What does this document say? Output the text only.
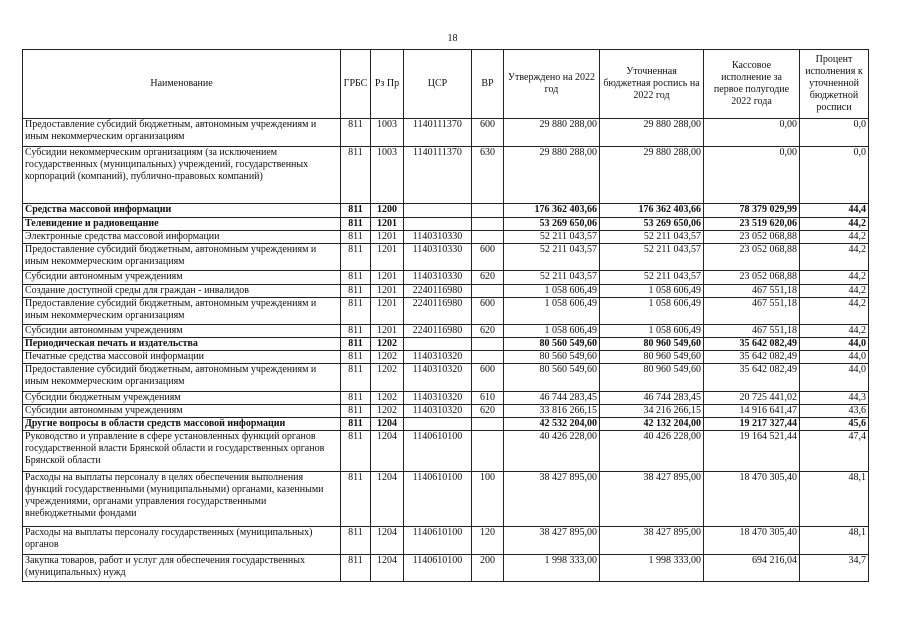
18
Наименование	ГРБС	Рз Пр	ЦСР	ВР	Утверждено на 2022 год	Уточненная бюджетная роспись на 2022 год	Кассовое исполнение за первое полугодие 2022 года	Процент исполнения к уточненной бюджетной росписи
Предоставление субсидий бюджетным, автономным учреждениям и иным некоммерческим организациям	811	1003	1140111370	600	29 880 288,00	29 880 288,00	0,00	0,0
Субсидии некоммерческим организациям (за исключением государственных (муниципальных) учреждений, государственных корпораций (компаний), публично-правовых компаний)	811	1003	1140111370	630	29 880 288,00	29 880 288,00	0,00	0,0
Средства массовой информации	811	1200			176 362 403,66	176 362 403,66	78 379 029,99	44,4
Телевидение и радиовещание	811	1201			53 269 650,06	53 269 650,06	23 519 620,06	44,2
Электронные средства массовой информации	811	1201	1140310330		52 211 043,57	52 211 043,57	23 052 068,88	44,2
Предоставление субсидий бюджетным, автономным учреждениям и иным некоммерческим организациям	811	1201	1140310330	600	52 211 043,57	52 211 043,57	23 052 068,88	44,2
Субсидии автономным учреждениям	811	1201	1140310330	620	52 211 043,57	52 211 043,57	23 052 068,88	44,2
Создание доступной среды для граждан - инвалидов	811	1201	2240116980		1 058 606,49	1 058 606,49	467 551,18	44,2
Предоставление субсидий бюджетным, автономным учреждениям и иным некоммерческим организациям	811	1201	2240116980	600	1 058 606,49	1 058 606,49	467 551,18	44,2
Субсидии автономным учреждениям	811	1201	2240116980	620	1 058 606,49	1 058 606,49	467 551,18	44,2
Периодическая печать и издательства	811	1202			80 560 549,60	80 960 549,60	35 642 082,49	44,0
Печатные средства массовой информации	811	1202	1140310320		80 560 549,60	80 960 549,60	35 642 082,49	44,0
Предоставление субсидий бюджетным, автономным учреждениям и иным некоммерческим организациям	811	1202	1140310320	600	80 560 549,60	80 960 549,60	35 642 082,49	44,0
Субсидии бюджетным учреждениям	811	1202	1140310320	610	46 744 283,45	46 744 283,45	20 725 441,02	44,3
Субсидии автономным учреждениям	811	1202	1140310320	620	33 816 266,15	34 216 266,15	14 916 641,47	43,6
Другие вопросы в области средств массовой информации	811	1204			42 532 204,00	42 132 204,00	19 217 327,44	45,6
Руководство и управление в сфере установленных функций органов государственной власти Брянской области и государственных органов Брянской области	811	1204	1140610100		40 426 228,00	40 426 228,00	19 164 521,44	47,4
Расходы на выплаты персоналу в целях обеспечения выполнения функций государственными (муниципальными) органами, казенными учреждениями, органами управления государственными внебюджетными фондами	811	1204	1140610100	100	38 427 895,00	38 427 895,00	18 470 305,40	48,1
Расходы на выплаты персоналу государственных (муниципальных) органов	811	1204	1140610100	120	38 427 895,00	38 427 895,00	18 470 305,40	48,1
Закупка товаров, работ и услуг для обеспечения государственных (муниципальных) нужд	811	1204	1140610100	200	1 998 333,00	1 998 333,00	694 216,04	34,7
